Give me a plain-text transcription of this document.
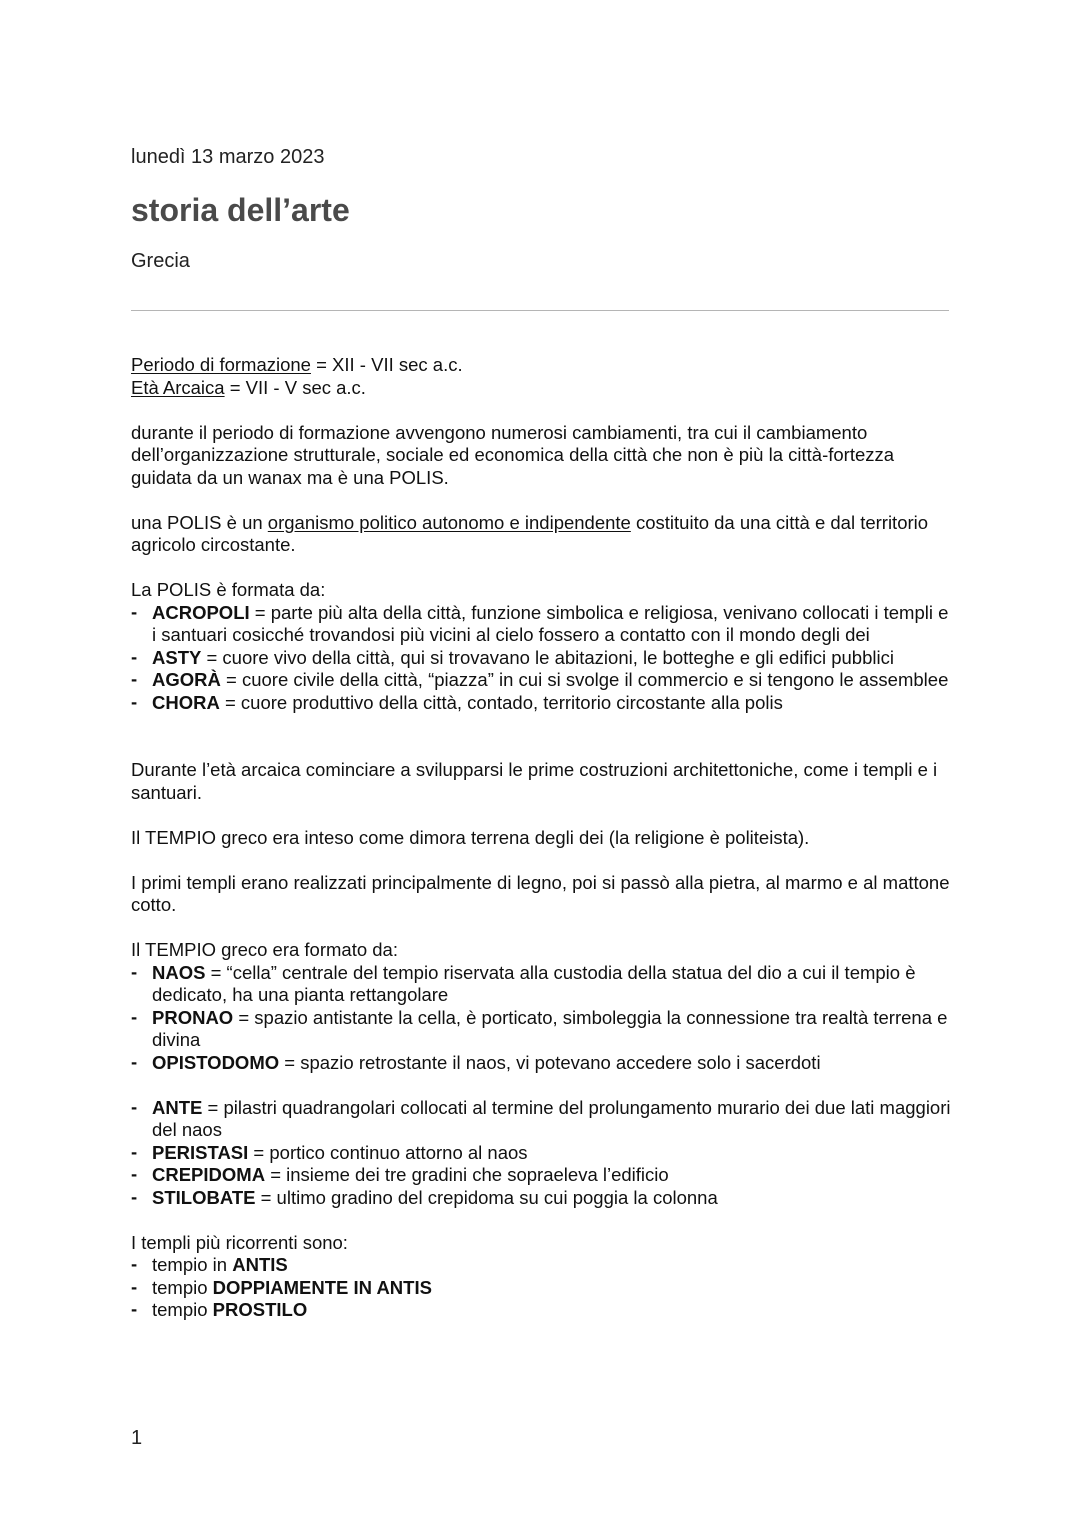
lunedì 13 marzo 2023
storia dell’arte
Grecia

Periodo di formazione = XII - VII sec a.c.

Età Arcaica = VII - V sec a.c.

durante il periodo di formazione avvengono numerosi cambiamenti, tra cui il cambiamento dell’organizzazione strutturale, sociale ed economica della città che non è più la città-fortezza guidata da un wanax ma è una POLIS.

una POLIS è un organismo politico autonomo e indipendente costituito da una città e dal territorio agricolo circostante.

La POLIS è formata da:

- ACROPOLI = parte più alta della città, funzione simbolica e religiosa, venivano collocati i templi e i santuari cosicché trovandosi più vicini al cielo fossero a contatto con il mondo degli dei
- ASTY = cuore vivo della città, qui si trovavano le abitazioni, le botteghe e gli edifici pubblici
- AGORÀ = cuore civile della città, “piazza” in cui si svolge il commercio e si tengono le assemblee
- CHORA = cuore produttivo della città, contado, territorio circostante alla polis

Durante l’età arcaica cominciare a svilupparsi le prime costruzioni architettoniche, come i templi e i santuari.

Il TEMPIO greco era inteso come dimora terrena degli dei (la religione è politeista).

I primi templi erano realizzati principalmente di legno, poi si passò alla pietra, al marmo e al mattone cotto.

Il TEMPIO greco era formato da:

- NAOS = “cella” centrale del tempio riservata alla custodia della statua del dio a cui il tempio è dedicato, ha una pianta rettangolare
- PRONAO = spazio antistante la cella, è porticato, simboleggia la connessione tra realtà terrena e divina
- OPISTODOMO = spazio retrostante il naos, vi potevano accedere solo i sacerdoti
- ANTE = pilastri quadrangolari collocati al termine del prolungamento murario dei due lati maggiori del naos
- PERISTASI = portico continuo attorno al naos
- CREPIDOMA = insieme dei tre gradini che sopraeleva l’edificio
- STILOBATE = ultimo gradino del crepidoma su cui poggia la colonna

I templi più ricorrenti sono:

- tempio in ANTIS
- tempio DOPPIAMENTE IN ANTIS
- tempio PROSTILO
1
